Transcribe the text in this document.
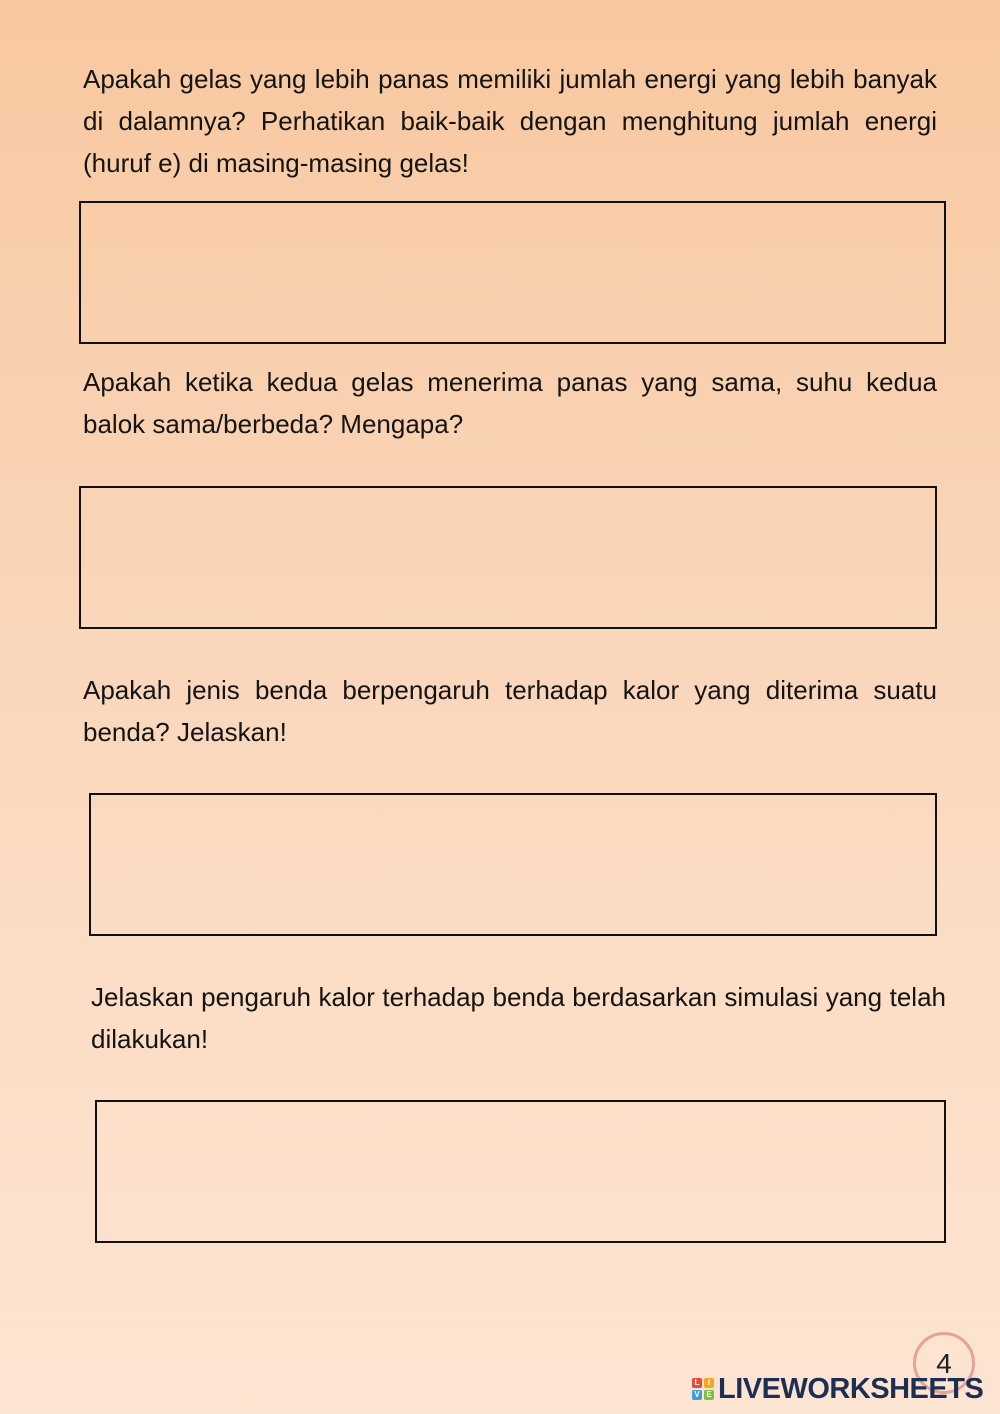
Apakah gelas yang lebih panas memiliki jumlah energi yang lebih banyak di dalamnya? Perhatikan baik-baik dengan menghitung jumlah energi (huruf e) di masing-masing gelas!

Apakah ketika kedua gelas menerima panas yang sama, suhu kedua balok sama/berbeda? Mengapa?

Apakah jenis benda berpengaruh terhadap kalor yang diterima suatu benda? Jelaskan!

Jelaskan pengaruh kalor terhadap benda berdasarkan simulasi yang telah dilakukan!

4
L	I
V E LIVEWORKSHEETS
